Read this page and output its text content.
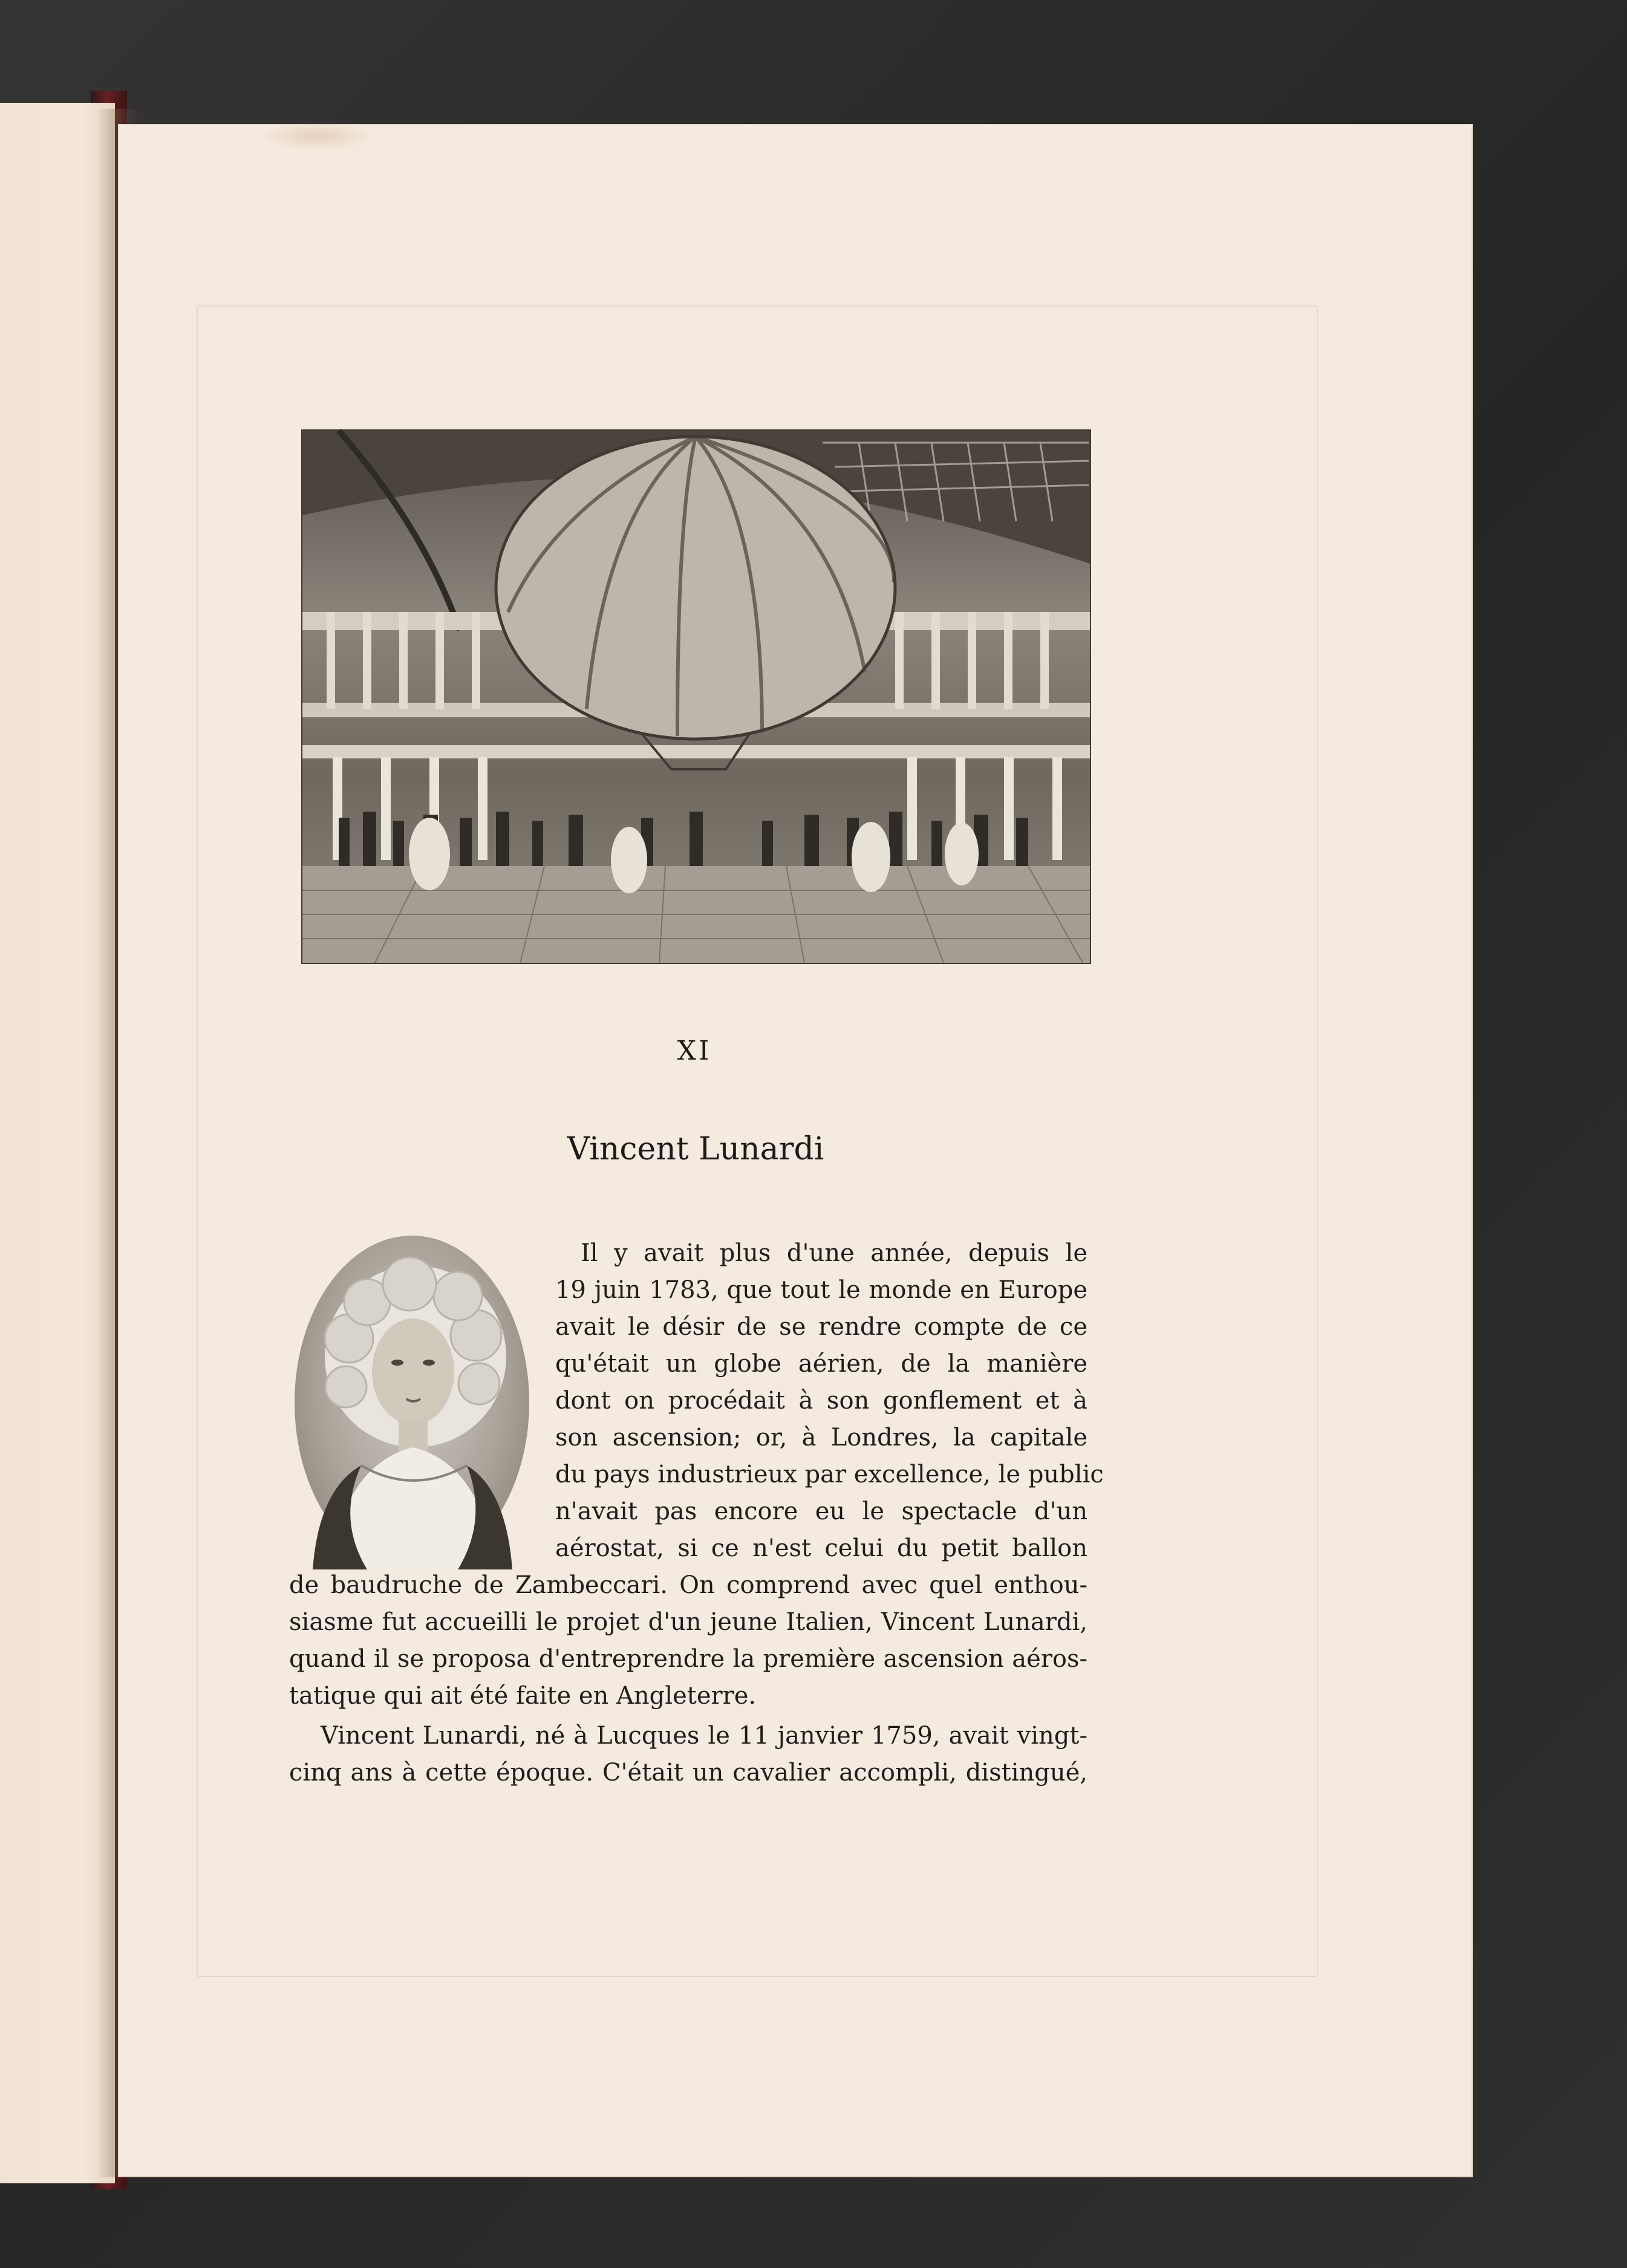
XI
Vincent Lunardi
Il y avait plus d'une année, depuis le
19 juin 1783, que tout le monde en Europe
avait le désir de se rendre compte de ce
qu'était un globe aérien, de la manière
dont on procédait à son gonflement et à
son ascension; or, à Londres, la capitale
du pays industrieux par excellence, le public
n'avait pas encore eu le spectacle d'un
aérostat, si ce n'est celui du petit ballon
de baudruche de Zambeccari. On comprend avec quel enthou-
siasme fut accueilli le projet d'un jeune Italien, Vincent Lunardi,
quand il se proposa d'entreprendre la première ascension aéros-
tatique qui ait été faite en Angleterre.
Vincent Lunardi, né à Lucques le 11 janvier 1759, avait vingt-
cinq ans à cette époque. C'était un cavalier accompli, distingué,
